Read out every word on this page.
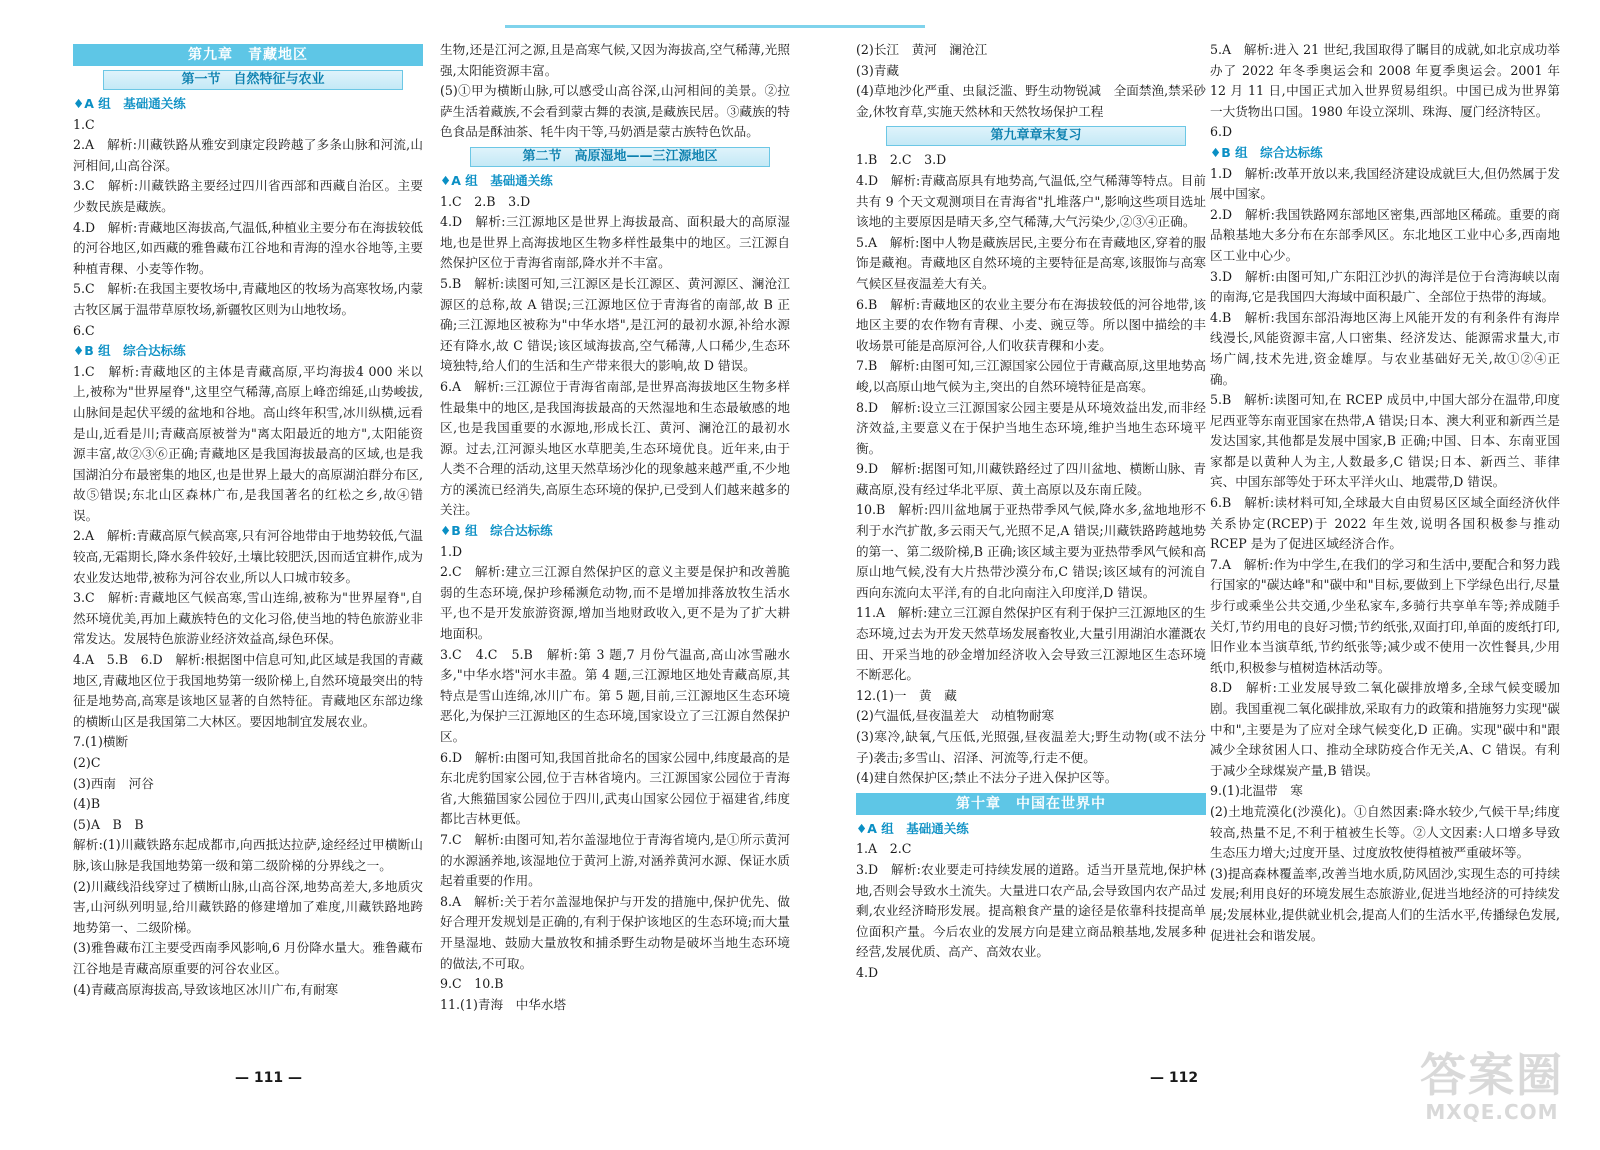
第九章　青藏地区
第一节　自然特征与农业
♦A 组　基础通关练

1.C

2.A　解析:川藏铁路从雅安到康定段跨越了多条山脉和河流,山河相间,山高谷深。

3.C　解析:川藏铁路主要经过四川省西部和西藏自治区。主要少数民族是藏族。

4.D　解析:青藏地区海拔高,气温低,种植业主要分布在海拔较低的河谷地区,如西藏的雅鲁藏布江谷地和青海的湟水谷地等,主要种植青稞、小麦等作物。

5.C　解析:在我国主要牧场中,青藏地区的牧场为高寒牧场,内蒙古牧区属于温带草原牧场,新疆牧区则为山地牧场。

6.C

♦B 组　综合达标练

1.C　解析:青藏地区的主体是青藏高原,平均海拔4 000 米以上,被称为"世界屋脊",这里空气稀薄,高原上峰峦绵延,山势峻拔,山脉间是起伏平缓的盆地和谷地。高山终年积雪,冰川纵横,远看是山,近看是川;青藏高原被誉为"离太阳最近的地方",太阳能资源丰富,故②③⑥正确;青藏地区是我国海拔最高的区域,也是我国湖泊分布最密集的地区,也是世界上最大的高原湖泊群分布区,故⑤错误;东北山区森林广布,是我国著名的红松之乡,故④错误。

2.A　解析:青藏高原气候高寒,只有河谷地带由于地势较低,气温较高,无霜期长,降水条件较好,土壤比较肥沃,因而适宜耕作,成为农业发达地带,被称为河谷农业,所以人口城市较多。

3.C　解析:青藏地区气候高寒,雪山连绵,被称为"世界屋脊",自然环境优美,再加上藏族特色的文化习俗,使当地的特色旅游业非常发达。发展特色旅游业经济效益高,绿色环保。

4.A　5.B　6.D　解析:根据图中信息可知,此区域是我国的青藏地区,青藏地区位于我国地势第一级阶梯上,自然环境最突出的特征是地势高,高寒是该地区显著的自然特征。青藏地区东部边缘的横断山区是我国第二大林区。要因地制宜发展农业。

7.(1)横断

(2)C

(3)西南　河谷

(4)B

(5)A　B　B

解析:(1)川藏铁路东起成都市,向西抵达拉萨,途经经过甲横断山脉,该山脉是我国地势第一级和第二级阶梯的分界线之一。

(2)川藏线沿线穿过了横断山脉,山高谷深,地势高差大,多地质灾害,山河纵列明显,给川藏铁路的修建增加了难度,川藏铁路地跨地势第一、二级阶梯。

(3)雅鲁藏布江主要受西南季风影响,6 月份降水量大。雅鲁藏布江谷地是青藏高原重要的河谷农业区。

(4)青藏高原海拔高,导致该地区冰川广布,有耐寒

生物,还是江河之源,且是高寒气候,又因为海拔高,空气稀薄,光照强,太阳能资源丰富。

(5)①甲为横断山脉,可以感受山高谷深,山河相间的美景。②拉萨生活着藏族,不会看到蒙古舞的表演,是藏族民居。③藏族的特色食品是酥油茶、牦牛肉干等,马奶酒是蒙古族特色饮品。

第二节　高原湿地——三江源地区
♦A 组　基础通关练

1.C　2.B　3.D

4.D　解析:三江源地区是世界上海拔最高、面积最大的高原湿地,也是世界上高海拔地区生物多样性最集中的地区。三江源自然保护区位于青海省南部,降水并不丰富。

5.B　解析:读图可知,三江源区是长江源区、黄河源区、澜沧江源区的总称,故 A 错误;三江源地区位于青海省的南部,故 B 正确;三江源地区被称为"中华水塔",是江河的最初水源,补给水源还有降水,故 C 错误;该区域海拔高,空气稀薄,人口稀少,生态环境独特,给人们的生活和生产带来很大的影响,故 D 错误。

6.A　解析:三江源位于青海省南部,是世界高海拔地区生物多样性最集中的地区,是我国海拔最高的天然湿地和生态最敏感的地区,也是我国重要的水源地,形成长江、黄河、澜沧江的最初水源。过去,江河源头地区水草肥美,生态环境优良。近年来,由于人类不合理的活动,这里天然草场沙化的现象越来越严重,不少地方的溪流已经消失,高原生态环境的保护,已受到人们越来越多的关注。

♦B 组　综合达标练

1.D

2.C　解析:建立三江源自然保护区的意义主要是保护和改善脆弱的生态环境,保护珍稀濒危动物,而不是增加排落放牧生活水平,也不是开发旅游资源,增加当地财政收入,更不是为了扩大耕地面积。

3.C　4.C　5.B　解析:第 3 题,7 月份气温高,高山冰雪融水多,"中华水塔"河水丰盈。第 4 题,三江源地区地处青藏高原,其特点是雪山连绵,冰川广布。第 5 题,目前,三江源地区生态环境恶化,为保护三江源地区的生态环境,国家设立了三江源自然保护区。

6.D　解析:由图可知,我国首批命名的国家公园中,纬度最高的是东北虎豹国家公园,位于吉林省境内。三江源国家公园位于青海省,大熊猫国家公园位于四川,武夷山国家公园位于福建省,纬度都比吉林更低。

7.C　解析:由图可知,若尔盖湿地位于青海省境内,是①所示黄河的水源涵养地,该湿地位于黄河上游,对涵养黄河水源、保证水质起着重要的作用。

8.A　解析:关于若尔盖湿地保护与开发的措施中,保护优先、做好合理开发规划是正确的,有利于保护该地区的生态环境;而大量开垦湿地、鼓励大量放牧和捕杀野生动物是破坏当地生态环境的做法,不可取。

9.C　10.B

11.(1)青海　中华水塔

(2)长江　黄河　澜沧江

(3)青藏

(4)草地沙化严重、虫鼠泛滥、野生动物锐减　全面禁渔,禁采砂金,休牧育草,实施天然林和天然牧场保护工程

第九章章末复习

1.B　2.C　3.D

4.D　解析:青藏高原具有地势高,气温低,空气稀薄等特点。目前共有 9 个天文观测项目在青海省"扎堆落户",影响这些项目选址该地的主要原因是晴天多,空气稀薄,大气污染少,②③④正确。

5.A　解析:图中人物是藏族居民,主要分布在青藏地区,穿着的服饰是藏袍。青藏地区自然环境的主要特征是高寒,该服饰与高寒气候区昼夜温差大有关。

6.B　解析:青藏地区的农业主要分布在海拔较低的河谷地带,该地区主要的农作物有青稞、小麦、豌豆等。所以图中描绘的丰收场景可能是高原河谷,人们收获青稞和小麦。

7.B　解析:由图可知,三江源国家公园位于青藏高原,这里地势高峻,以高原山地气候为主,突出的自然环境特征是高寒。

8.D　解析:设立三江源国家公园主要是从环境效益出发,而非经济效益,主要意义在于保护当地生态环境,维护当地生态环境平衡。

9.D　解析:据图可知,川藏铁路经过了四川盆地、横断山脉、青藏高原,没有经过华北平原、黄土高原以及东南丘陵。

10.B　解析:四川盆地属于亚热带季风气候,降水多,盆地地形不利于水汽扩散,多云雨天气,光照不足,A 错误;川藏铁路跨越地势的第一、第二级阶梯,B 正确;该区域主要为亚热带季风气候和高原山地气候,没有大片热带沙漠分布,C 错误;该区域有的河流自西向东流向太平洋,有的自北向南注入印度洋,D 错误。

11.A　解析:建立三江源自然保护区有利于保护三江源地区的生态环境,过去为开发天然草场发展畜牧业,大量引用湖泊水灌溉农田、开采当地的砂金增加经济收入会导致三江源地区生态环境不断恶化。

12.(1)一　黄　藏

(2)气温低,昼夜温差大　动植物耐寒

(3)寒冷,缺氧,气压低,光照强,昼夜温差大;野生动物(或不法分子)袭击;多雪山、沼泽、河流等,行走不便。

(4)建自然保护区;禁止不法分子进入保护区等。

第十章　中国在世界中
♦A 组　基础通关练

1.A　2.C

3.D　解析:农业要走可持续发展的道路。适当开垦荒地,保护林地,否则会导致水土流失。大量进口农产品,会导致国内农产品过剩,农业经济畸形发展。提高粮食产量的途径是依靠科技提高单位面积产量。今后农业的发展方向是建立商品粮基地,发展多种经营,发展优质、高产、高效农业。

4.D

5.A　解析:进入 21 世纪,我国取得了瞩目的成就,如北京成功举办了 2022 年冬季奥运会和 2008 年夏季奥运会。2001 年 12 月 11 日,中国正式加入世界贸易组织。中国已成为世界第一大货物出口国。1980 年设立深圳、珠海、厦门经济特区。

6.D

♦B 组　综合达标练

1.D　解析:改革开放以来,我国经济建设成就巨大,但仍然属于发展中国家。

2.D　解析:我国铁路网东部地区密集,西部地区稀疏。重要的商品粮基地大多分布在东部季风区。东北地区工业中心多,西南地区工业中心少。

3.D　解析:由图可知,广东阳江沙扒的海洋是位于台湾海峡以南的南海,它是我国四大海域中面积最广、全部位于热带的海域。

4.B　解析:我国东部沿海地区海上风能开发的有利条件有海岸线漫长,风能资源丰富,人口密集、经济发达、能源需求量大,市场广阔,技术先进,资金雄厚。与农业基础好无关,故①②④正确。

5.B　解析:读图可知,在 RCEP 成员中,中国大部分在温带,印度尼西亚等东南亚国家在热带,A 错误;日本、澳大利亚和新西兰是发达国家,其他都是发展中国家,B 正确;中国、日本、东南亚国家都是以黄种人为主,人数最多,C 错误;日本、新西兰、菲律宾、中国东部等处于环太平洋火山、地震带,D 错误。

6.B　解析:读材料可知,全球最大自由贸易区区域全面经济伙伴关系协定(RCEP)于 2022 年生效,说明各国积极参与推动 RCEP 是为了促进区域经济合作。

7.A　解析:作为中学生,在我们的学习和生活中,要配合和努力践行国家的"碳达峰"和"碳中和"目标,要做到上下学绿色出行,尽量步行或乘坐公共交通,少坐私家车,多骑行共享单车等;养成随手关灯,节约用电的良好习惯;节约纸张,双面打印,单面的废纸打印,旧作业本当演草纸,节约纸张等;减少或不使用一次性餐具,少用纸巾,积极参与植树造林活动等。

8.D　解析:工业发展导致二氧化碳排放增多,全球气候变暖加剧。我国重视二氧化碳排放,采取有力的政策和措施努力实现"碳中和",主要是为了应对全球气候变化,D 正确。实现"碳中和"跟减少全球贫困人口、推动全球防疫合作无关,A、C 错误。有利于减少全球煤炭产量,B 错误。

9.(1)北温带　寒

(2)土地荒漠化(沙漠化)。①自然因素:降水较少,气候干旱;纬度较高,热量不足,不利于植被生长等。②人文因素:人口增多导致生态压力增大;过度开垦、过度放牧使得植被严重破坏等。

(3)提高森林覆盖率,改善当地水质,防风固沙,实现生态的可持续发展;利用良好的环境发展生态旅游业,促进当地经济的可持续发展;发展林业,提供就业机会,提高人们的生活水平,传播绿色发展,促进社会和谐发展。

— 111 —	— 112	答案圈
MXQE.COM
